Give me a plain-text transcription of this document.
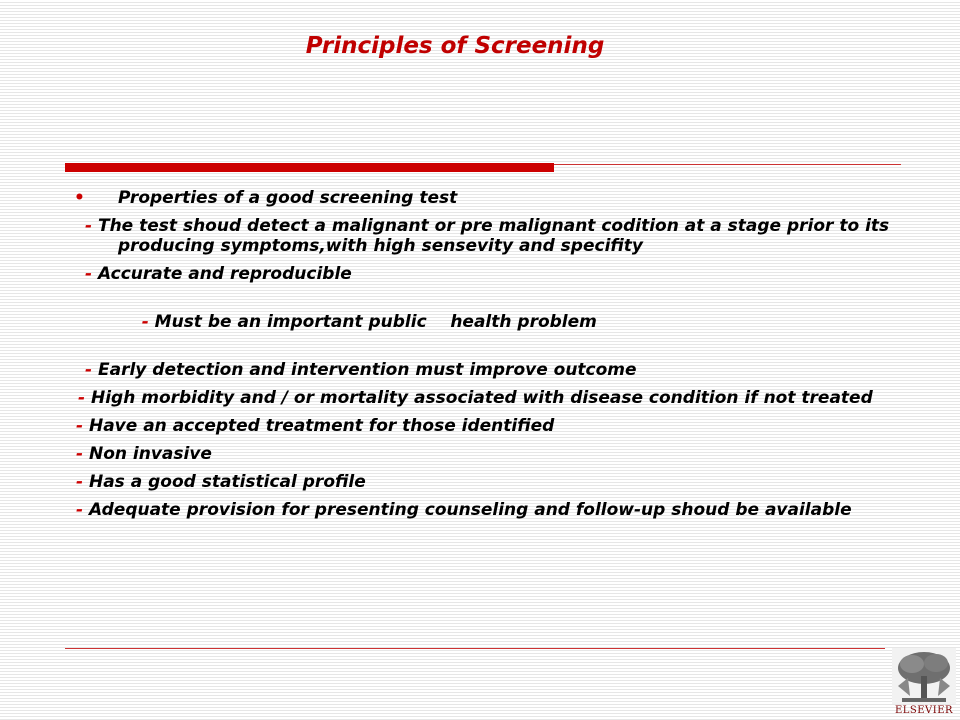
Principles of Screening
• Properties of a good screening test
- The test shoud detect a malignant or pre malignant codition at a stage prior to its producing symptoms,with high sensevity and specifity
- Accurate and reproducible

- Must be an important public    health problem

- Early detection and intervention must improve outcome
- High morbidity and / or mortality associated with disease condition if not treated
- Have an accepted treatment for those identified
- Non invasive
- Has a good statistical profile
- Adequate provision for presenting counseling and follow-up shoud be available
ELSEVIER
